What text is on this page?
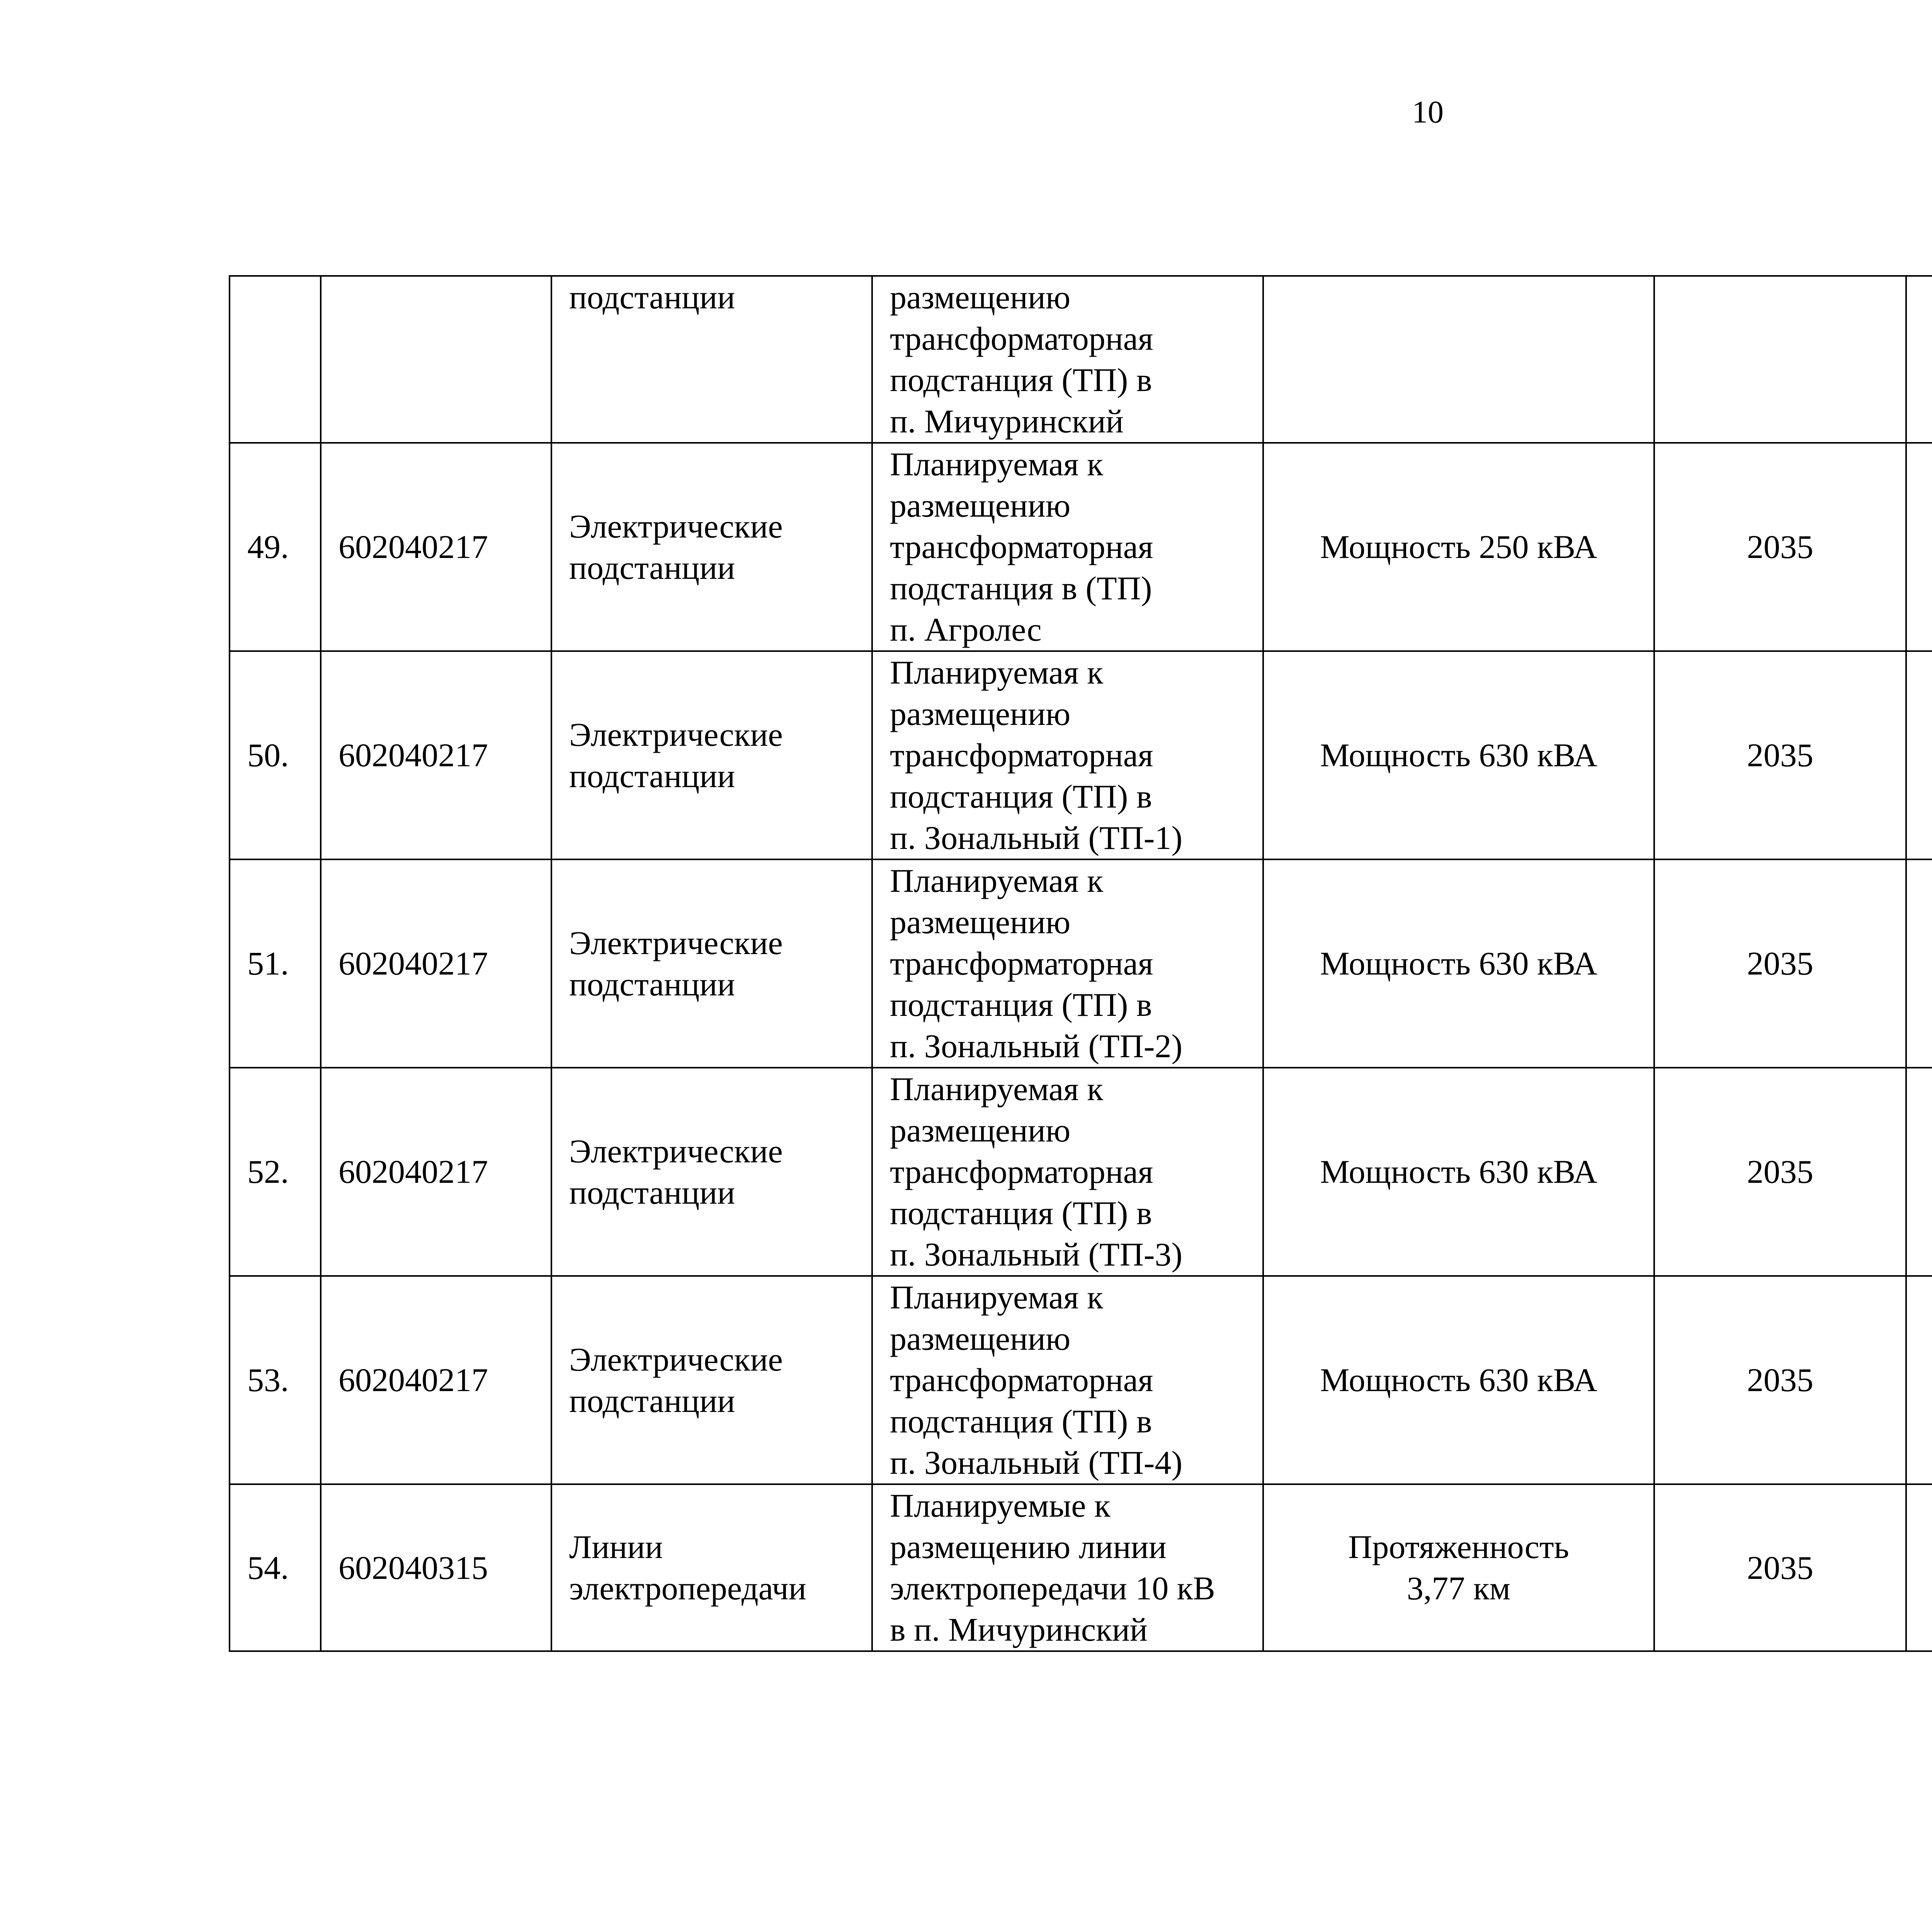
10

		подстанции	размещению
трансформаторная
подстанция (ТП) в
п. Мичуринский

49.	602040217	Электрические
подстанции	Планируемая к
размещению
трансформаторная
подстанция в (ТП)
п. Агролес	Мощность 250 кВА	2035	

50.	602040217	Электрические
подстанции	Планируемая к
размещению
трансформаторная
подстанция (ТП) в
п. Зональный (ТП-1)	Мощность 630 кВА	2035	

51.	602040217	Электрические
подстанции	Планируемая к
размещению
трансформаторная
подстанция (ТП) в
п. Зональный (ТП-2)	Мощность 630 кВА	2035	

52.	602040217	Электрические
подстанции	Планируемая к
размещению
трансформаторная
подстанция (ТП) в
п. Зональный (ТП-3)	Мощность 630 кВА	2035	

53.	602040217	Электрические
подстанции	Планируемая к
размещению
трансформаторная
подстанция (ТП) в
п. Зональный (ТП-4)	Мощность 630 кВА	2035	

54.	602040315	Линии
электропередачи	Планируемые к
размещению линии
электропередачи 10 кВ
в п. Мичуринский	Протяженность
3,77 км	2035	
